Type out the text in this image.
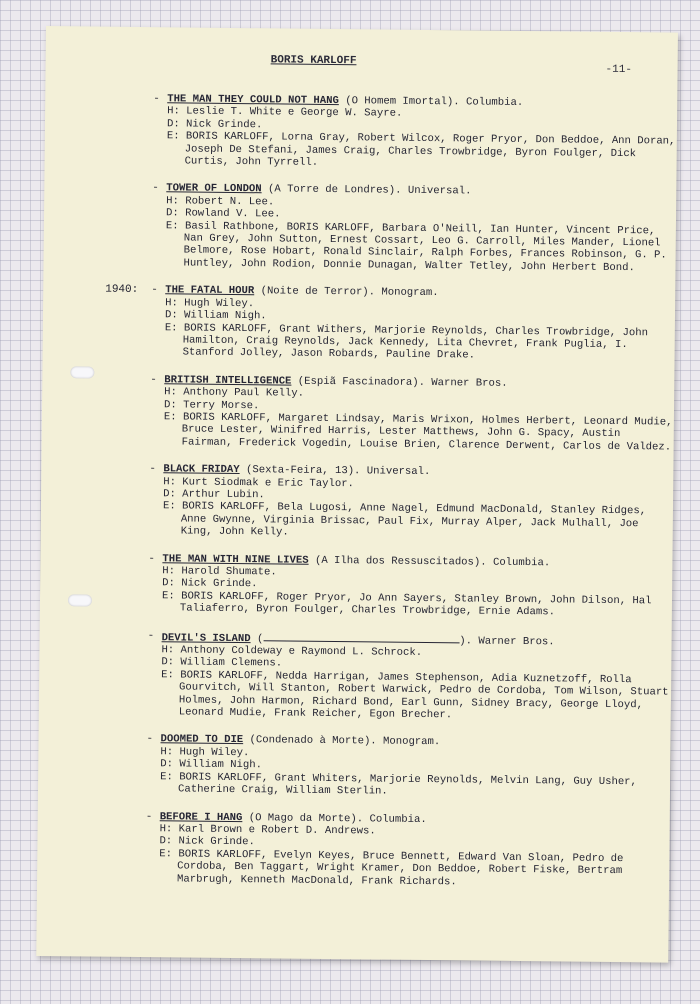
BORIS KARLOFF
-11-
- THE MAN THEY COULD NOT HANG (O Homem Imortal). Columbia.
H: Leslie T. White e George W. Sayre.
D: Nick Grinde.
E: BORIS KARLOFF, Lorna Gray, Robert Wilcox, Roger Pryor, Don Beddoe, Ann Doran, Joseph De Stefani, James Craig, Charles Trowbridge, Byron Foulger, Dick Curtis, John Tyrrell.
- TOWER OF LONDON (A Torre de Londres). Universal.
H: Robert N. Lee.
D: Rowland V. Lee.
E: Basil Rathbone, BORIS KARLOFF, Barbara O'Neill, Ian Hunter, Vincent Price, Nan Grey, John Sutton, Ernest Cossart, Leo G. Carroll, Miles Mander, Lionel Belmore, Rose Hobart, Ronald Sinclair, Ralph Forbes, Frances Robinson, G. P. Huntley, John Rodion, Donnie Dunagan, Walter Tetley, John Herbert Bond.
1940: - THE FATAL HOUR (Noite de Terror). Monogram.
H: Hugh Wiley.
D: William Nigh.
E: BORIS KARLOFF, Grant Withers, Marjorie Reynolds, Charles Trowbridge, John Hamilton, Craig Reynolds, Jack Kennedy, Lita Chevret, Frank Puglia, I. Stanford Jolley, Jason Robards, Pauline Drake.
- BRITISH INTELLIGENCE (Espiã Fascinadora). Warner Bros.
H: Anthony Paul Kelly.
D: Terry Morse.
E: BORIS KARLOFF, Margaret Lindsay, Maris Wrixon, Holmes Herbert, Leonard Mudie, Bruce Lester, Winifred Harris, Lester Matthews, John G. Spacy, Austin Fairman, Frederick Vogedin, Louise Brien, Clarence Derwent, Carlos de Valdez.
- BLACK FRIDAY (Sexta-Feira, 13). Universal.
H: Kurt Siodmak e Eric Taylor.
D: Arthur Lubin.
E: BORIS KARLOFF, Bela Lugosi, Anne Nagel, Edmund MacDonald, Stanley Ridges, Anne Gwynne, Virginia Brissac, Paul Fix, Murray Alper, Jack Mulhall, Joe King, John Kelly.
- THE MAN WITH NINE LIVES (A Ilha dos Ressuscitados). Columbia.
H: Harold Shumate.
D: Nick Grinde.
E: BORIS KARLOFF, Roger Pryor, Jo Ann Sayers, Stanley Brown, John Dilson, Hal Taliaferro, Byron Foulger, Charles Trowbridge, Ernie Adams.
- DEVIL'S ISLAND (	). Warner Bros.
H: Anthony Coldeway e Raymond L. Schrock.
D: William Clemens.
E: BORIS KARLOFF, Nedda Harrigan, James Stephenson, Adia Kuznetzoff, Rolla Gourvitch, Will Stanton, Robert Warwick, Pedro de Cordoba, Tom Wilson, Stuart Holmes, John Harmon, Richard Bond, Earl Gunn, Sidney Bracy, George Lloyd, Leonard Mudie, Frank Reicher, Egon Brecher.
- DOOMED TO DIE (Condenado à Morte). Monogram.
H: Hugh Wiley.
D: William Nigh.
E: BORIS KARLOFF, Grant Whiters, Marjorie Reynolds, Melvin Lang, Guy Usher, Catherine Craig, William Sterlin.
- BEFORE I HANG (O Mago da Morte). Columbia.
H: Karl Brown e Robert D. Andrews.
D: Nick Grinde.
E: BORIS KARLOFF, Evelyn Keyes, Bruce Bennett, Edward Van Sloan, Pedro de Cordoba, Ben Taggart, Wright Kramer, Don Beddoe, Robert Fiske, Bertram Marbrugh, Kenneth MacDonald, Frank Richards.
